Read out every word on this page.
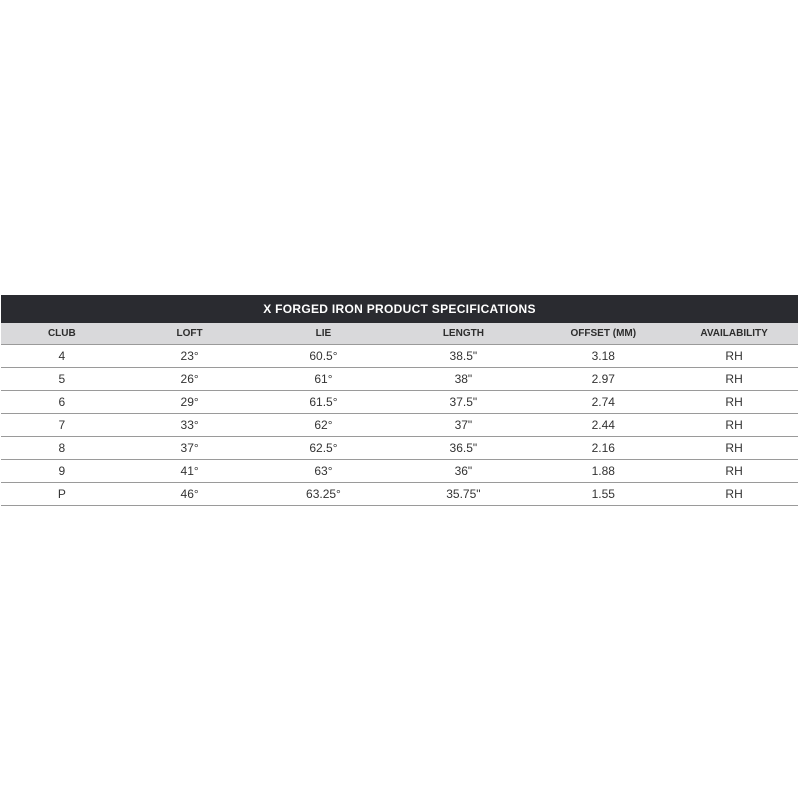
X FORGED IRON PRODUCT SPECIFICATIONS
CLUB	LOFT	LIE	LENGTH	OFFSET (MM)	AVAILABILITY
4	23°	60.5°	38.5"	3.18	RH
5	26°	61°	38"	2.97	RH
6	29°	61.5°	37.5"	2.74	RH
7	33°	62°	37"	2.44	RH
8	37°	62.5°	36.5"	2.16	RH
9	41°	63°	36"	1.88	RH
P	46°	63.25°	35.75"	1.55	RH
